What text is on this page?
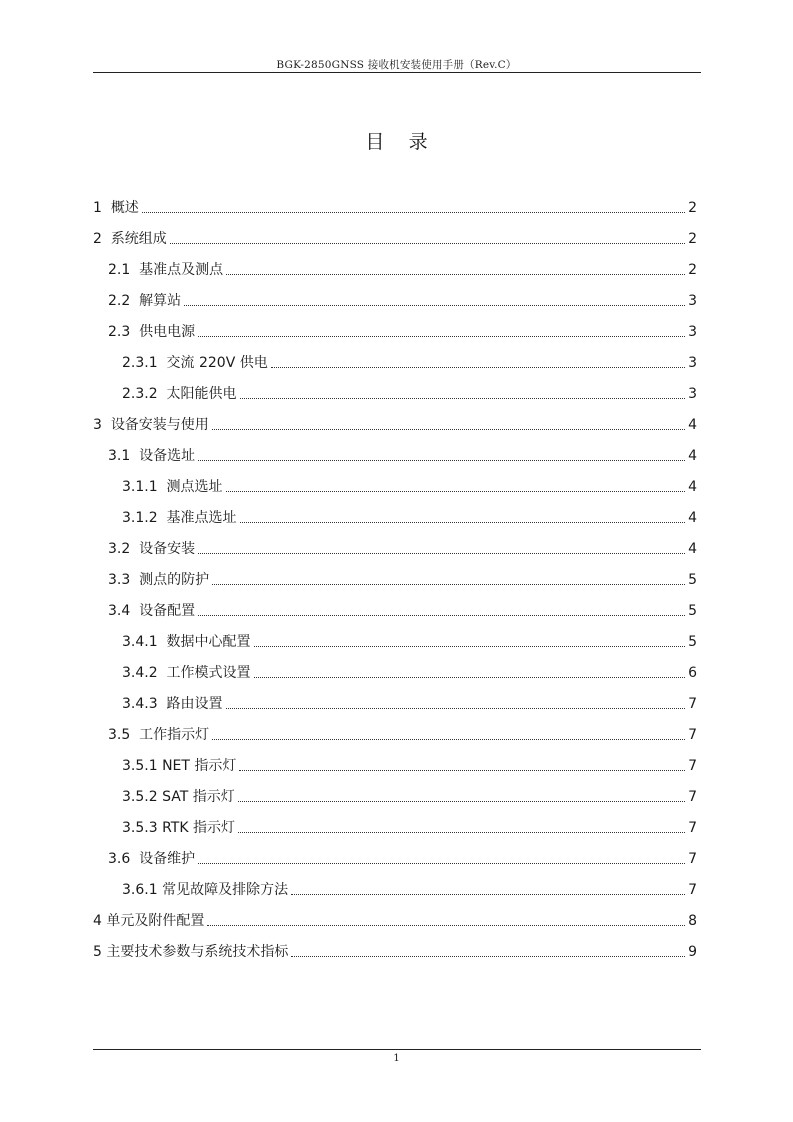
BGK-2850GNSS 接收机安装使用手册（Rev.C）
目    录
1 概述	2
2 系统组成	2
2.1 基准点及测点	2
2.2 解算站	3
2.3 供电电源	3
2.3.1 交流 220V 供电	3
2.3.2 太阳能供电	3
3 设备安装与使用	4
3.1 设备选址	4
3.1.1 测点选址	4
3.1.2 基准点选址	4
3.2 设备安装	4
3.3 测点的防护	5
3.4 设备配置	5
3.4.1 数据中心配置	5
3.4.2 工作模式设置	6
3.4.3 路由设置	7
3.5 工作指示灯	7
3.5.1 NET 指示灯	7
3.5.2 SAT 指示灯	7
3.5.3 RTK 指示灯	7
3.6 设备维护	7
3.6.1 常见故障及排除方法	7
4 单元及附件配置	8
5 主要技术参数与系统技术指标	9
1
